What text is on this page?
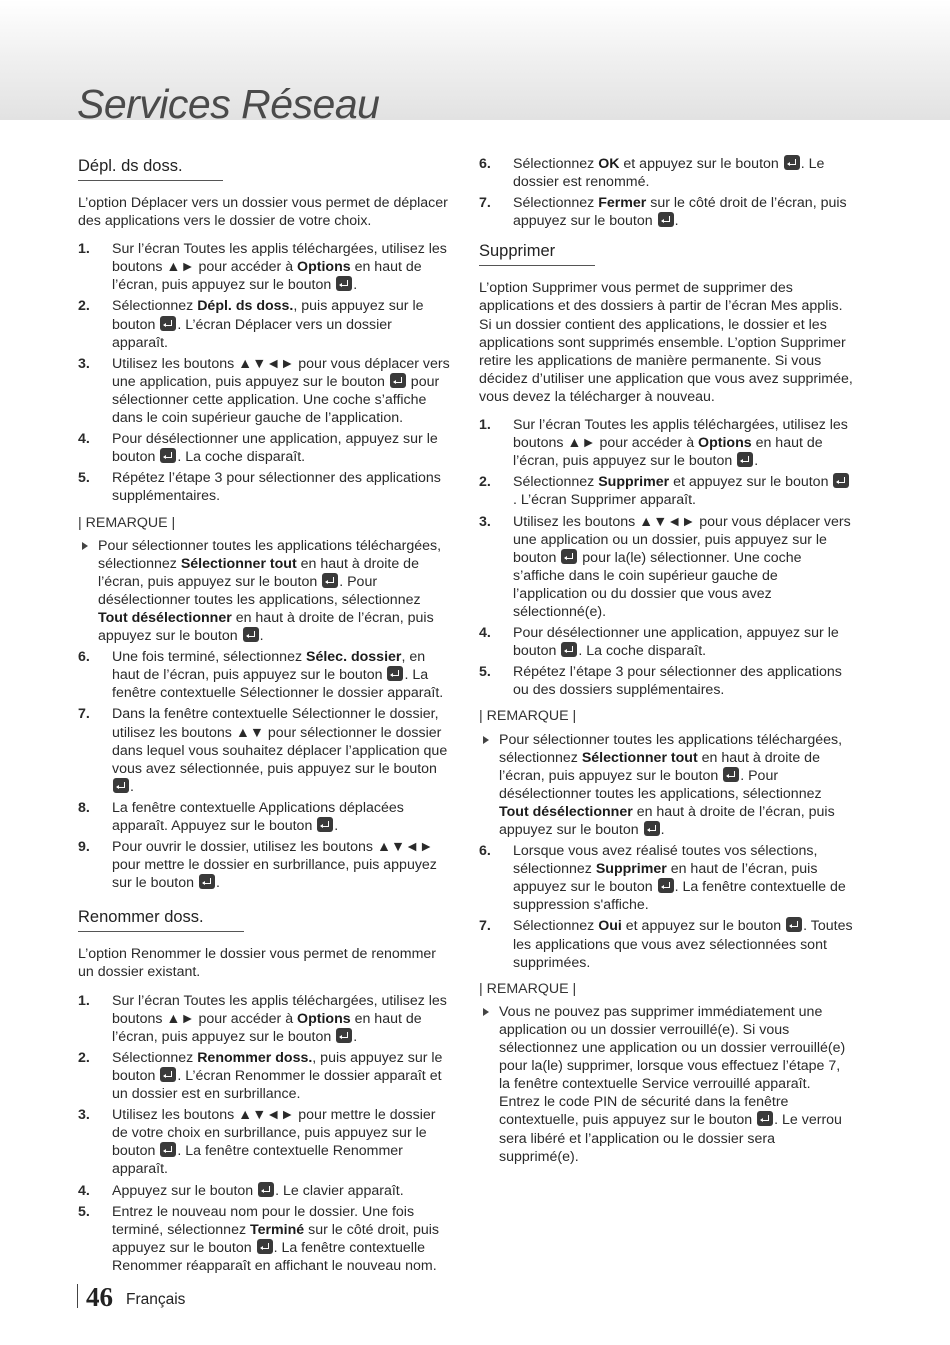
Services Réseau
Dépl. ds doss.

L’option Déplacer vers un dossier vous permet de déplacer des applications vers le dossier de votre choix.

1. Sur l’écran Toutes les applis téléchargées, utilisez les boutons ▲► pour accéder à Options en haut de l’écran, puis appuyez sur le bouton .
2. Sélectionnez Dépl. ds doss., puis appuyez sur le bouton . L’écran Déplacer vers un dossier apparaît.
3. Utilisez les boutons ▲▼◄► pour vous déplacer vers une application, puis appuyez sur le bouton  pour sélectionner cette application. Une coche s’affiche dans le coin supérieur gauche de l’application.
4. Pour désélectionner une application, appuyez sur le bouton . La coche disparaît.
5. Répétez l’étape 3 pour sélectionner des applications supplémentaires.
| REMARQUE |
Pour sélectionner toutes les applications téléchargées, sélectionnez Sélectionner tout en haut à droite de l’écran, puis appuyez sur le bouton . Pour désélectionner toutes les applications, sélectionnez Tout désélectionner en haut à droite de l’écran, puis appuyez sur le bouton .
6. Une fois terminé, sélectionnez Sélec. dossier, en haut de l’écran, puis appuyez sur le bouton . La fenêtre contextuelle Sélectionner le dossier apparaît.
7. Dans la fenêtre contextuelle Sélectionner le dossier, utilisez les boutons ▲▼ pour sélectionner le dossier dans lequel vous souhaitez déplacer l’application que vous avez sélectionnée, puis appuyez sur le bouton .
8. La fenêtre contextuelle Applications déplacées apparaît. Appuyez sur le bouton .
9. Pour ouvrir le dossier, utilisez les boutons ▲▼◄► pour mettre le dossier en surbrillance, puis appuyez sur le bouton .
Renommer doss.

L’option Renommer le dossier vous permet de renommer un dossier existant.

1. Sur l’écran Toutes les applis téléchargées, utilisez les boutons ▲► pour accéder à Options en haut de l’écran, puis appuyez sur le bouton .
2. Sélectionnez Renommer doss., puis appuyez sur le bouton . L’écran Renommer le dossier apparaît et un dossier est en surbrillance.
3. Utilisez les boutons ▲▼◄► pour mettre le dossier de votre choix en surbrillance, puis appuyez sur le bouton . La fenêtre contextuelle Renommer apparaît.
4. Appuyez sur le bouton . Le clavier apparaît.
5. Entrez le nouveau nom pour le dossier. Une fois terminé, sélectionnez Terminé sur le côté droit, puis appuyez sur le bouton . La fenêtre contextuelle Renommer réapparaît en affichant le nouveau nom.
6. Sélectionnez OK et appuyez sur le bouton . Le dossier est renommé.
7. Sélectionnez Fermer sur le côté droit de l’écran, puis appuyez sur le bouton .
Supprimer

L’option Supprimer vous permet de supprimer des applications et des dossiers à partir de l’écran Mes applis. Si un dossier contient des applications, le dossier et les applications sont supprimés ensemble. L’option Supprimer retire les applications de manière permanente. Si vous décidez d’utiliser une application que vous avez supprimée, vous devez la télécharger à nouveau.

1. Sur l’écran Toutes les applis téléchargées, utilisez les boutons ▲► pour accéder à Options en haut de l’écran, puis appuyez sur le bouton .
2. Sélectionnez Supprimer et appuyez sur le bouton . L’écran Supprimer apparaît.
3. Utilisez les boutons ▲▼◄► pour vous déplacer vers une application ou un dossier, puis appuyez sur le bouton  pour la(le) sélectionner. Une coche s’affiche dans le coin supérieur gauche de l’application ou du dossier que vous avez sélectionné(e).
4. Pour désélectionner une application, appuyez sur le bouton . La coche disparaît.
5. Répétez l’étape 3 pour sélectionner des applications ou des dossiers supplémentaires.
| REMARQUE |
Pour sélectionner toutes les applications téléchargées, sélectionnez Sélectionner tout en haut à droite de l’écran, puis appuyez sur le bouton . Pour désélectionner toutes les applications, sélectionnez Tout désélectionner en haut à droite de l’écran, puis appuyez sur le bouton .
6. Lorsque vous avez réalisé toutes vos sélections, sélectionnez Supprimer en haut de l’écran, puis appuyez sur le bouton . La fenêtre contextuelle de suppression s'affiche.
7. Sélectionnez Oui et appuyez sur le bouton . Toutes les applications que vous avez sélectionnées sont supprimées.
| REMARQUE |
Vous ne pouvez pas supprimer immédiatement une application ou un dossier verrouillé(e). Si vous sélectionnez une application ou un dossier verrouillé(e) pour la(le) supprimer, lorsque vous effectuez l’étape 7, la fenêtre contextuelle Service verrouillé apparaît. Entrez le code PIN de sécurité dans la fenêtre contextuelle, puis appuyez sur le bouton . Le verrou sera libéré et l’application ou le dossier sera supprimé(e).
46 Français
